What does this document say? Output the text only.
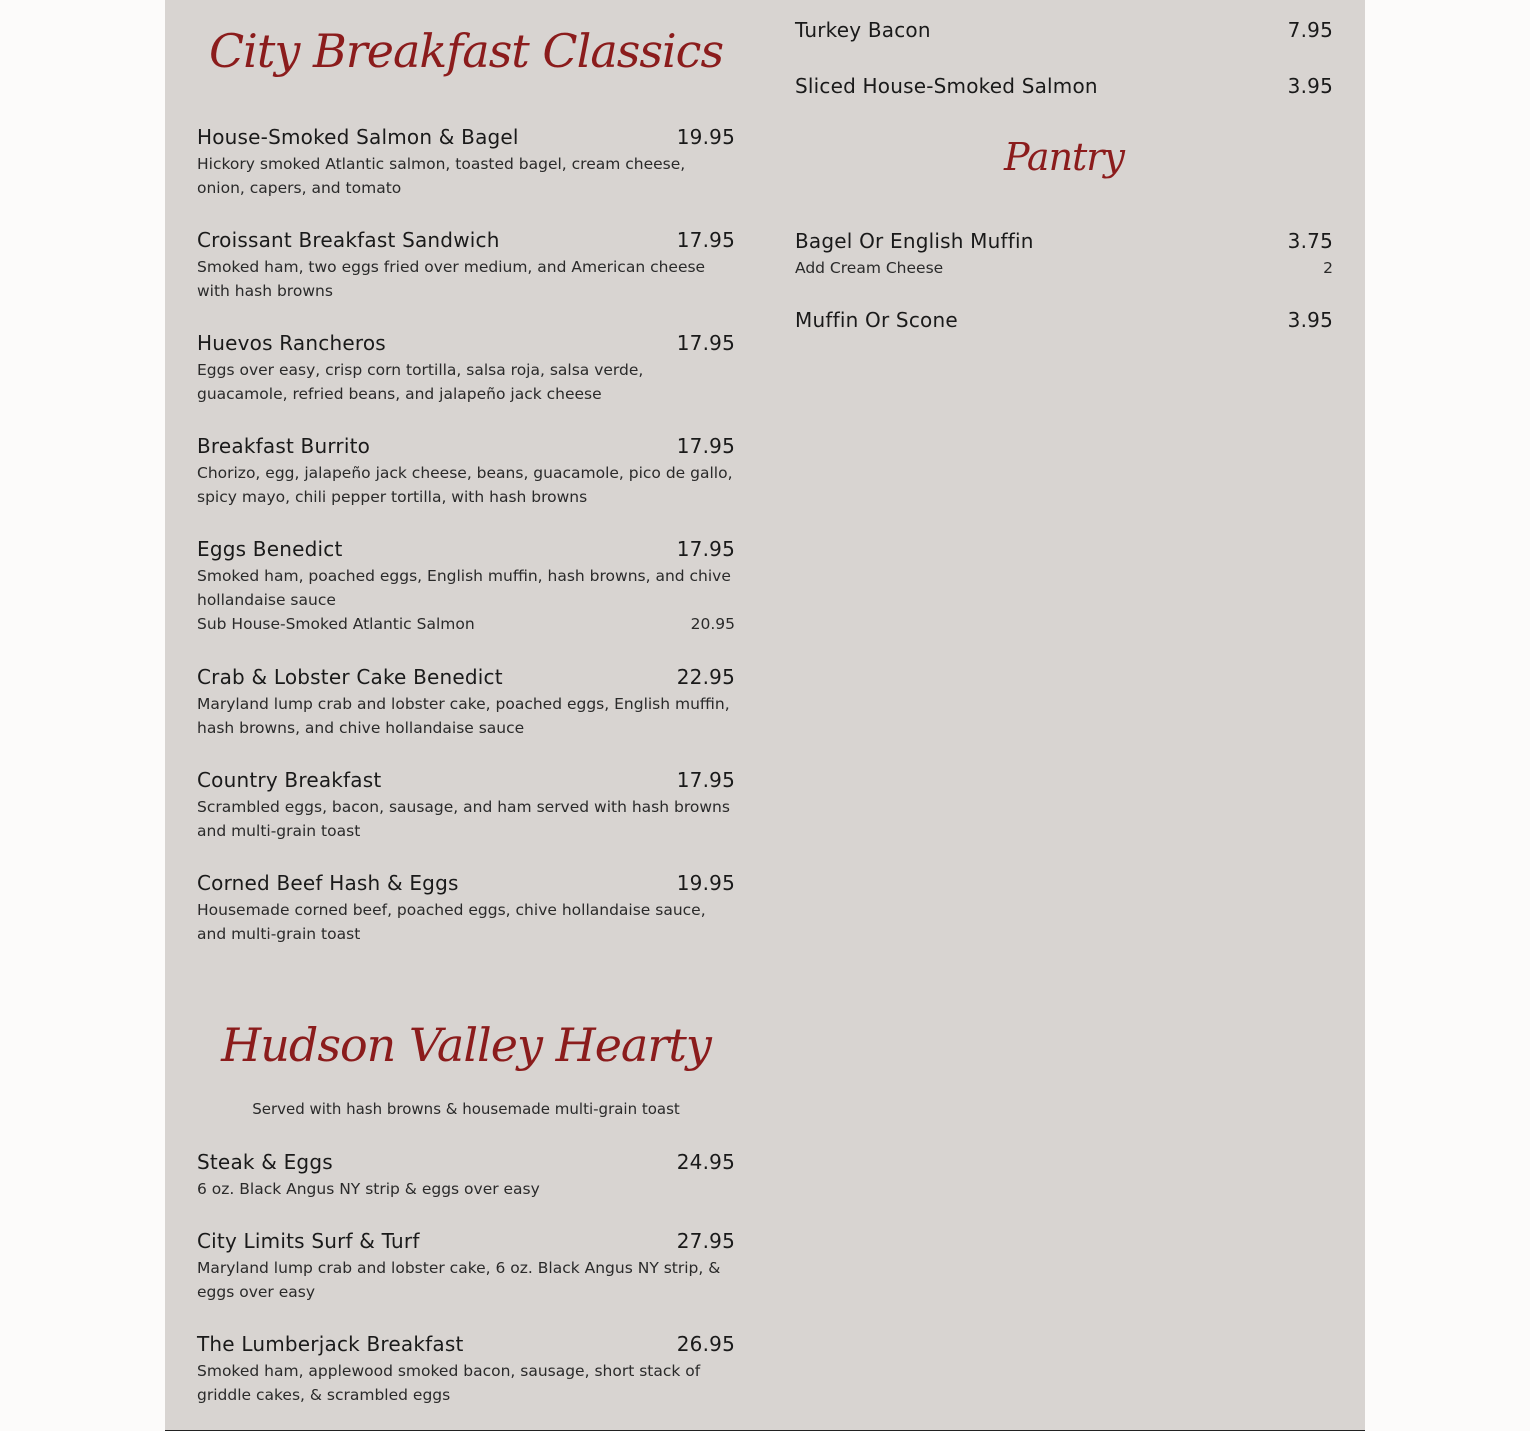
City Breakfast Classics
House-Smoked Salmon & Bagel	19.95
Hickory smoked Atlantic salmon, toasted bagel, cream cheese, onion, capers, and tomato
Croissant Breakfast Sandwich	17.95
Smoked ham, two eggs fried over medium, and American cheese with hash browns
Huevos Rancheros	17.95
Eggs over easy, crisp corn tortilla, salsa roja, salsa verde, guacamole, refried beans, and jalapeño jack cheese
Breakfast Burrito	17.95
Chorizo, egg, jalapeño jack cheese, beans, guacamole, pico de gallo, spicy mayo, chili pepper tortilla, with hash browns
Eggs Benedict	17.95
Smoked ham, poached eggs, English muffin, hash browns, and chive hollandaise sauce
Sub House-Smoked Atlantic Salmon	20.95
Crab & Lobster Cake Benedict	22.95
Maryland lump crab and lobster cake, poached eggs, English muffin, hash browns, and chive hollandaise sauce
Country Breakfast	17.95
Scrambled eggs, bacon, sausage, and ham served with hash browns and multi-grain toast
Corned Beef Hash & Eggs	19.95
Housemade corned beef, poached eggs, chive hollandaise sauce, and multi-grain toast
Hudson Valley Hearty
Served with hash browns & housemade multi-grain toast
Steak & Eggs	24.95
6 oz. Black Angus NY strip & eggs over easy
City Limits Surf & Turf	27.95
Maryland lump crab and lobster cake, 6 oz. Black Angus NY strip, & eggs over easy
The Lumberjack Breakfast	26.95
Smoked ham, applewood smoked bacon, sausage, short stack of griddle cakes, & scrambled eggs
Turkey Bacon	7.95
Sliced House-Smoked Salmon	3.95
Pantry
Bagel Or English Muffin	3.75
Add Cream Cheese	2
Muffin Or Scone	3.95
